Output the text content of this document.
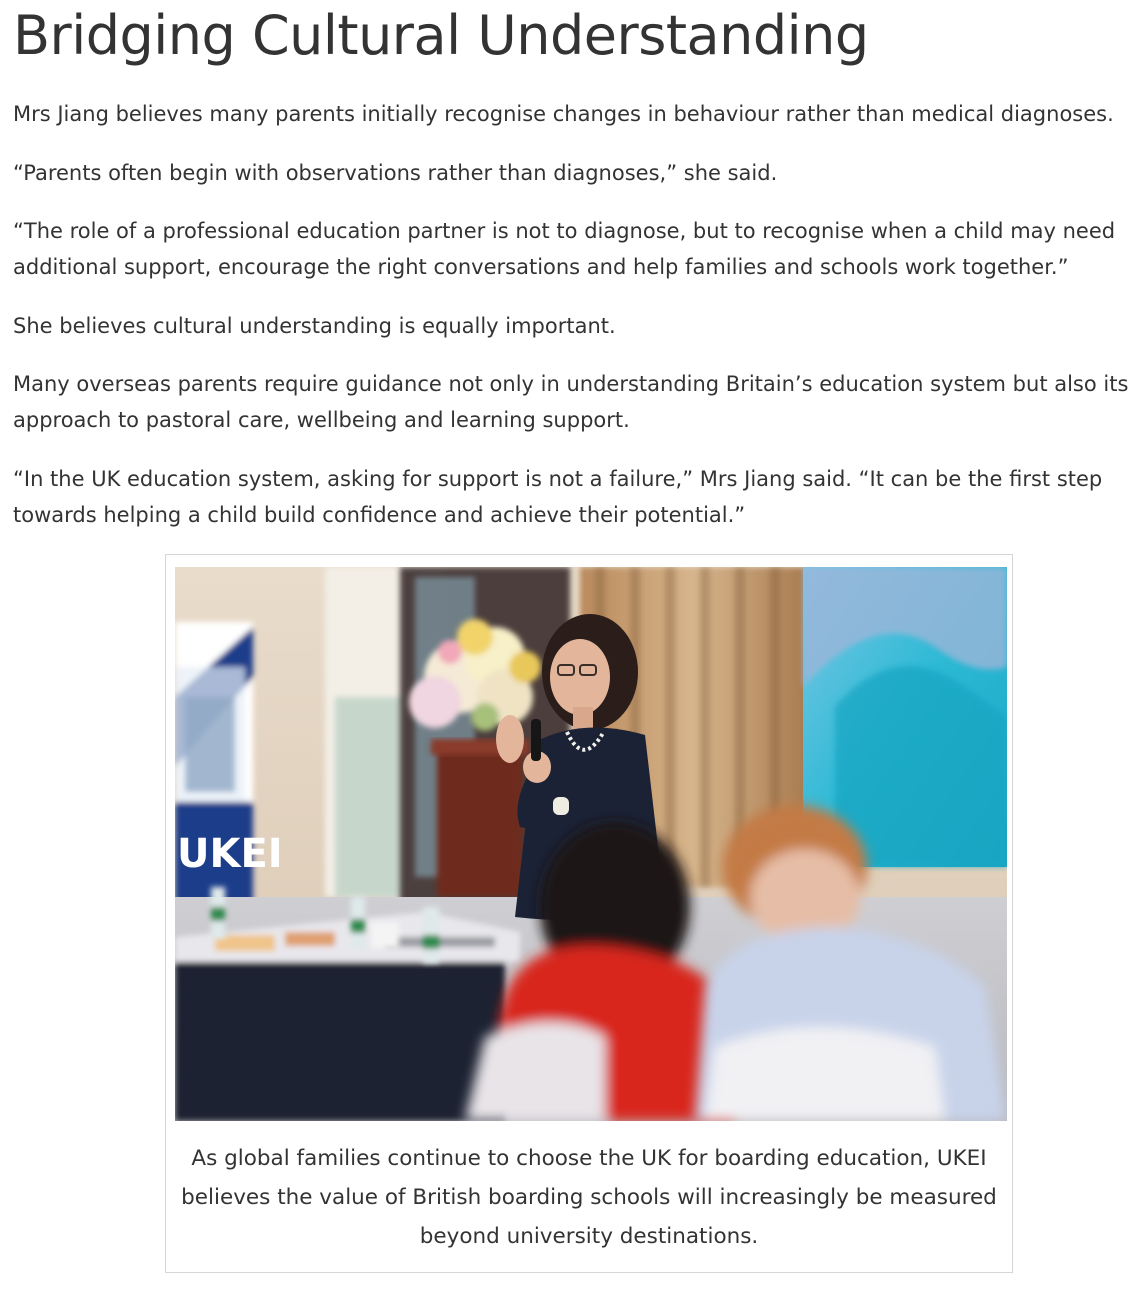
Bridging Cultural Understanding

Mrs Jiang believes many parents initially recognise changes in behaviour rather than medical diagnoses.

“Parents often begin with observations rather than diagnoses,” she said.

“The role of a professional education partner is not to diagnose, but to recognise when a child may need
additional support, encourage the right conversations and help families and schools work together.”

She believes cultural understanding is equally important.

Many overseas parents require guidance not only in understanding Britain’s education system but also its
approach to pastoral care, wellbeing and learning support.

“In the UK education system, asking for support is not a failure,” Mrs Jiang said. “It can be the first step
towards helping a child build confidence and achieve their potential.”

UKEI
As global families continue to choose the UK for boarding education, UKEI
believes the value of British boarding schools will increasingly be measured
beyond university destinations.
